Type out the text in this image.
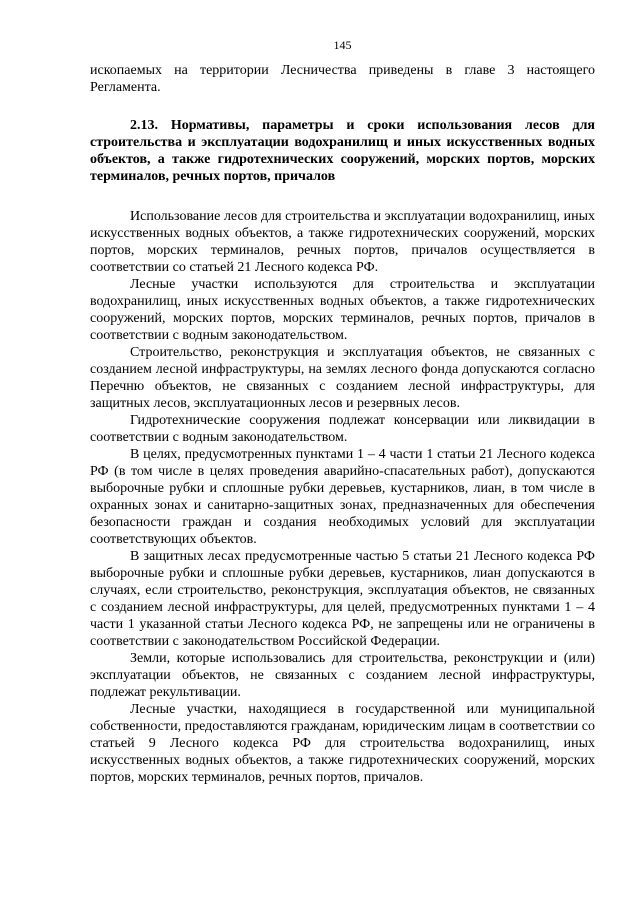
145

ископаемых на территории Лесничества приведены в главе 3 настоящего Регламента.

2.13. Нормативы, параметры и сроки использования лесов для строительства и эксплуатации водохранилищ и иных искусственных водных объектов, а также гидротехнических сооружений, морских портов, морских терминалов, речных портов, причалов

Использование лесов для строительства и эксплуатации водохранилищ, иных искусственных водных объектов, а также гидротехнических сооружений, морских портов, морских терминалов, речных портов, причалов осуществляется в соответствии со статьей 21 Лесного кодекса РФ.

Лесные участки используются для строительства и эксплуатации водохранилищ, иных искусственных водных объектов, а также гидротехнических сооружений, морских портов, морских терминалов, речных портов, причалов в соответствии с водным законодательством.

Строительство, реконструкция и эксплуатация объектов, не связанных с созданием лесной инфраструктуры, на землях лесного фонда допускаются согласно Перечню объектов, не связанных с созданием лесной инфраструктуры, для защитных лесов, эксплуатационных лесов и резервных лесов.

Гидротехнические сооружения подлежат консервации или ликвидации в соответствии с водным законодательством.

В целях, предусмотренных пунктами 1 – 4 части 1 статьи 21 Лесного кодекса РФ (в том числе в целях проведения аварийно-спасательных работ), допускаются выборочные рубки и сплошные рубки деревьев, кустарников, лиан, в том числе в охранных зонах и санитарно-защитных зонах, предназначенных для обеспечения безопасности граждан и создания необходимых условий для эксплуатации соответствующих объектов.

В защитных лесах предусмотренные частью 5 статьи 21 Лесного кодекса РФ выборочные рубки и сплошные рубки деревьев, кустарников, лиан допускаются в случаях, если строительство, реконструкция, эксплуатация объектов, не связанных с созданием лесной инфраструктуры, для целей, предусмотренных пунктами 1 – 4 части 1 указанной статьи Лесного кодекса РФ, не запрещены или не ограничены в соответствии с законодательством Российской Федерации.

Земли, которые использовались для строительства, реконструкции и (или) эксплуатации объектов, не связанных с созданием лесной инфраструктуры, подлежат рекультивации.

Лесные участки, находящиеся в государственной или муниципальной собственности, предоставляются гражданам, юридическим лицам в соответствии со статьей 9 Лесного кодекса РФ для строительства водохранилищ, иных искусственных водных объектов, а также гидротехнических сооружений, морских портов, морских терминалов, речных портов, причалов.
